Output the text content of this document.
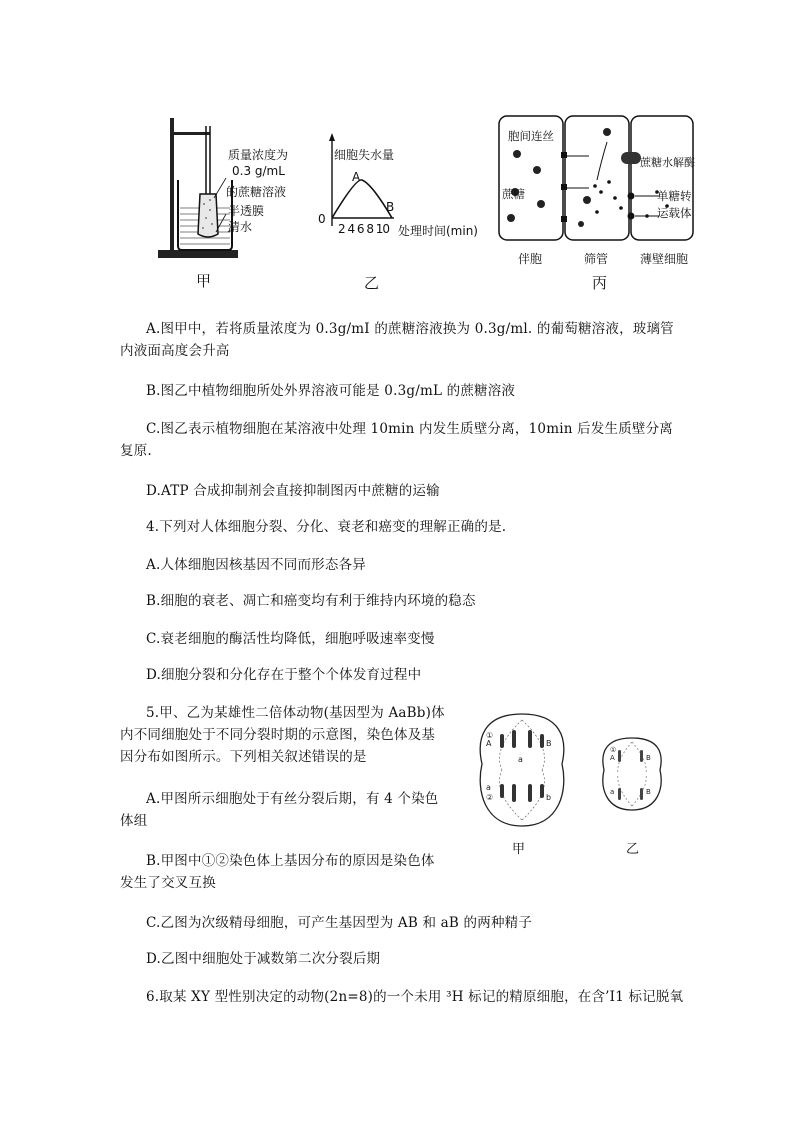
质量浓度为
0.3 g/mL
的蔗糖溶液
半透膜
清水
甲
细胞失水量
A
B
0
2 4 6 8 10 处理时间(min)
乙
胞间连丝
蔗糖
蔗糖水解酶
单糖转
运载体
伴胞	筛管	薄壁细胞
丙
A.图甲中，若将质量浓度为 0.3g/mI 的蔗糖溶液换为 0.3g/ml. 的葡萄糖溶液，玻璃管
内液面高度会升高
B.图乙中植物细胞所处外界溶液可能是 0.3g/mL 的蔗糖溶液
C.图乙表示植物细胞在某溶液中处理 10min 内发生质壁分离，10min 后发生质壁分离
复原.
D.ATP 合成抑制剂会直接抑制图丙中蔗糖的运输
4.下列对人体细胞分裂、分化、衰老和癌变的理解正确的是.
A.人体细胞因核基因不同而形态各异
B.细胞的衰老、凋亡和癌变均有利于维持内环境的稳态
C.衰老细胞的酶活性均降低，细胞呼吸速率变慢
D.细胞分裂和分化存在于整个个体发育过程中
5.甲、乙为某雄性二倍体动物(基因型为 AaBb)体
内不同细胞处于不同分裂时期的示意图，染色体及基
因分布如图所示。下列相关叙述错误的是
A.甲图所示细胞处于有丝分裂后期，有 4 个染色
体组
B.甲图中①②染色体上基因分布的原因是染色体
发生了交叉互换
C.乙图为次级精母细胞，可产生基因型为 AB 和 aB 的两种精子
D.乙图中细胞处于减数第二次分裂后期
①
A	B
a
a
②	b
①
A	B
a	B
甲	乙
6.取某 XY 型性别决定的动物(2n=8)的一个未用 ³H 标记的精原细胞，在含’I1 标记脱氧
